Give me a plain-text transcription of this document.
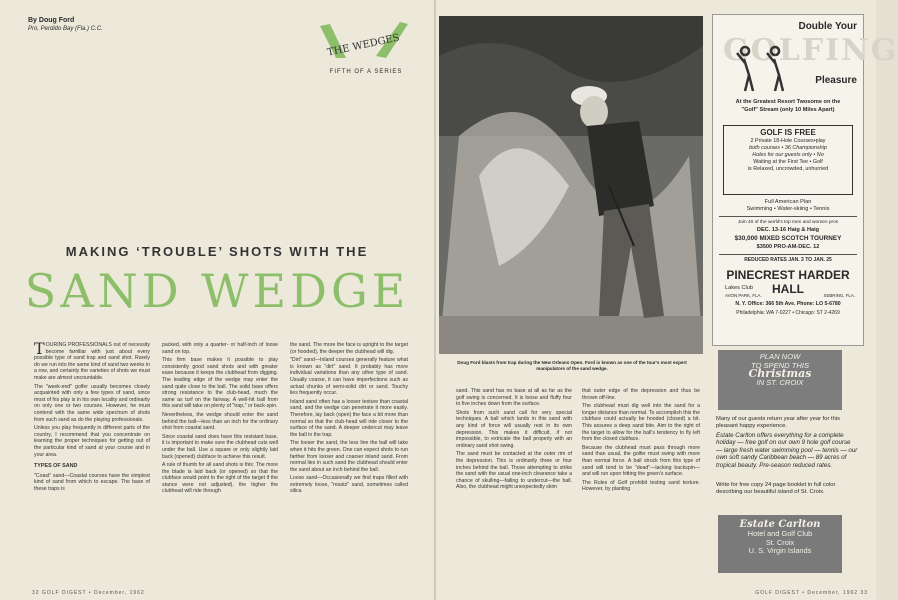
By Doug Ford
Pro, Perdido Bay (Fla.) C.C.
THE WEDGES
FIFTH OF A SERIES
MAKING ‘TROUBLE’ SHOTS WITH THE
SAND WEDGE

TOURING PROFESSIONALS out of necessity become familiar with just about every possible type of sand trap and sand shot. Rarely do we run into the same kind of sand two weeks in a row, and certainly the varieties of shots we must make are almost uncountable.

The "week-end" golfer usually becomes closely acquainted with only a few types of sand, since most of his play is in his own locality and ordinarily on only one or two courses. However, he must contend with the same wide spectrum of shots from such sand as do the playing professionals.

Unless you play frequently in different parts of the country, I recommend that you concentrate on learning the proper techniques for getting out of the particular kind of sand at your course and in your area.

TYPES OF SAND

"Coast" sand—Coastal courses have the simplest kind of sand from which to escape. The base of these traps is

packed, with only a quarter- or half-inch of loose sand on top.

This firm base makes it possible to play consistently good sand shots and with greater ease because it keeps the clubhead from digging. The leading edge of the wedge may enter the sand quite close to the ball. The solid base offers strong resistance to the club-head, much the same as turf on the fairway. A well-hit ball from this sand will take on plenty of "trap," or back-spin.

Nevertheless, the wedge should enter the sand behind the ball—less than an inch for the ordinary shot from coastal sand.

Since coastal sand does have this resistant base, it is important to make sure the clubhead cuts well under the ball. Use a square or only slightly laid back (opened) clubface to achieve this result.

A rule of thumb for all sand shots is this: The more the blade is laid back (or opened) so that the clubface would point to the right of the target if the stance were not adjusted), the higher the clubhead will ride through

the sand. The more the face is upright to the target (or hooded), the deeper the clubhead will dig.

"Dirt" sand—Inland courses generally feature what is known as "dirt" sand. It probably has more individual variations than any other type of sand. Usually coarse, it can have imperfections such as actual chunks of semi-solid dirt or sand. Touchy lies frequently occur.

Inland sand often has a looser texture than coastal sand, and the wedge can penetrate it more easily. Therefore, lay back (open) the face a bit more than normal so that the club-head will ride closer to the surface of the sand. A deeper undercut may leave the ball in the trap.

The looser the sand, the less line the ball will take when it hits the green. One can expect shots to run farther from looser and coarser inland sand. From normal lies in such sand the clubhead should enter the sand about an inch behind the ball.

Loose sand—Occasionally we find traps filled with extremely loose, "resatz" sand, sometimes called silica

32 GOLF DIGEST • December, 1962
Doug Ford blasts from trap during the New Orleans Open. Ford is known as one of the tour's most expert manipulators of the sand wedge.

sand. This sand has no base at all as far as the golf swing is concerned. It is loose and fluffy four to five inches down from the surface.

Shots from such sand call for very special techniques. A ball which lands in this sand with any kind of force will usually rest in its own depression. This makes it difficult, if not impossible, to extricate the ball properly with an ordinary sand shot swing.

The sand must be contacted at the outer rim of the depression. This is ordinarily three or four inches behind the ball. Those attempting to strike the sand with the usual one-inch clearance take a chance of skulling—failing to undercut—the ball. Also, the clubhead might unexpectedly skim

that outer edge of the depression and thus be thrown off-line.

The clubhead must dig well into the sand for a longer distance than normal. To accomplish this the clubface could actually be hooded (closed) a bit. This assures a deep sand bite. Aim to the right of the target to allow for the ball's tendency to fly left from the closed clubface.

Because the clubhead must pass through more sand than usual, the golfer must swing with more than normal force. A ball struck from this type of sand will tend to be "dead"—lacking backspin—and will run upon hitting the green's surface.

The Rules of Golf prohibit testing sand texture. However, by planting

GOLFING
Double Your
Pleasure
At the Greatest Resort Twosome on the
"Golf" Stream (only 10 Miles Apart)
GOLF IS FREE
2 Private 18-Hole Courses•play
both courses • 36 Championship
Holes for our guests only • No
Waiting at the First Tee • Golf
is Relaxed, uncrowded, unhurried
Full American Plan
Swimming • Water-skiing • Tennis
Join 40 of the world's top men and women pros
DEC. 13-16 Haig & Haig
$30,000 MIXED SCOTCH TOURNEY
$3500 PRO-AM-DEC. 12
REDUCED RATES JAN. 3 TO JAN. 25
PINECREST HARDER HALL
Lakes Club
AVON PARK, FLA.	SEBRING, FLA.
N. Y. Office: 366 5th Ave. Phone: LO 5-6780
Philadelphia: WA 7-0227 • Chicago: ST 2-4269
PLAN NOW
TO SPEND THIS
Christmas
IN ST. CROIX
Many of our guests return year after year for this pleasant happy experience.
Estate Carlton offers everything for a complete holiday — free golf on our own 9 hole golf course — large fresh water swimming pool — tennis — our own soft sandy Caribbean beach — 89 acres of tropical beauty. Pre-season reduced rates.
Write for free copy 24 page booklet in full color describing our beautiful island of St. Croix.
Estate Carlton
Hotel and Golf Club
St. Croix
U. S. Virgin Islands
GOLF DIGEST • December, 1962 33
